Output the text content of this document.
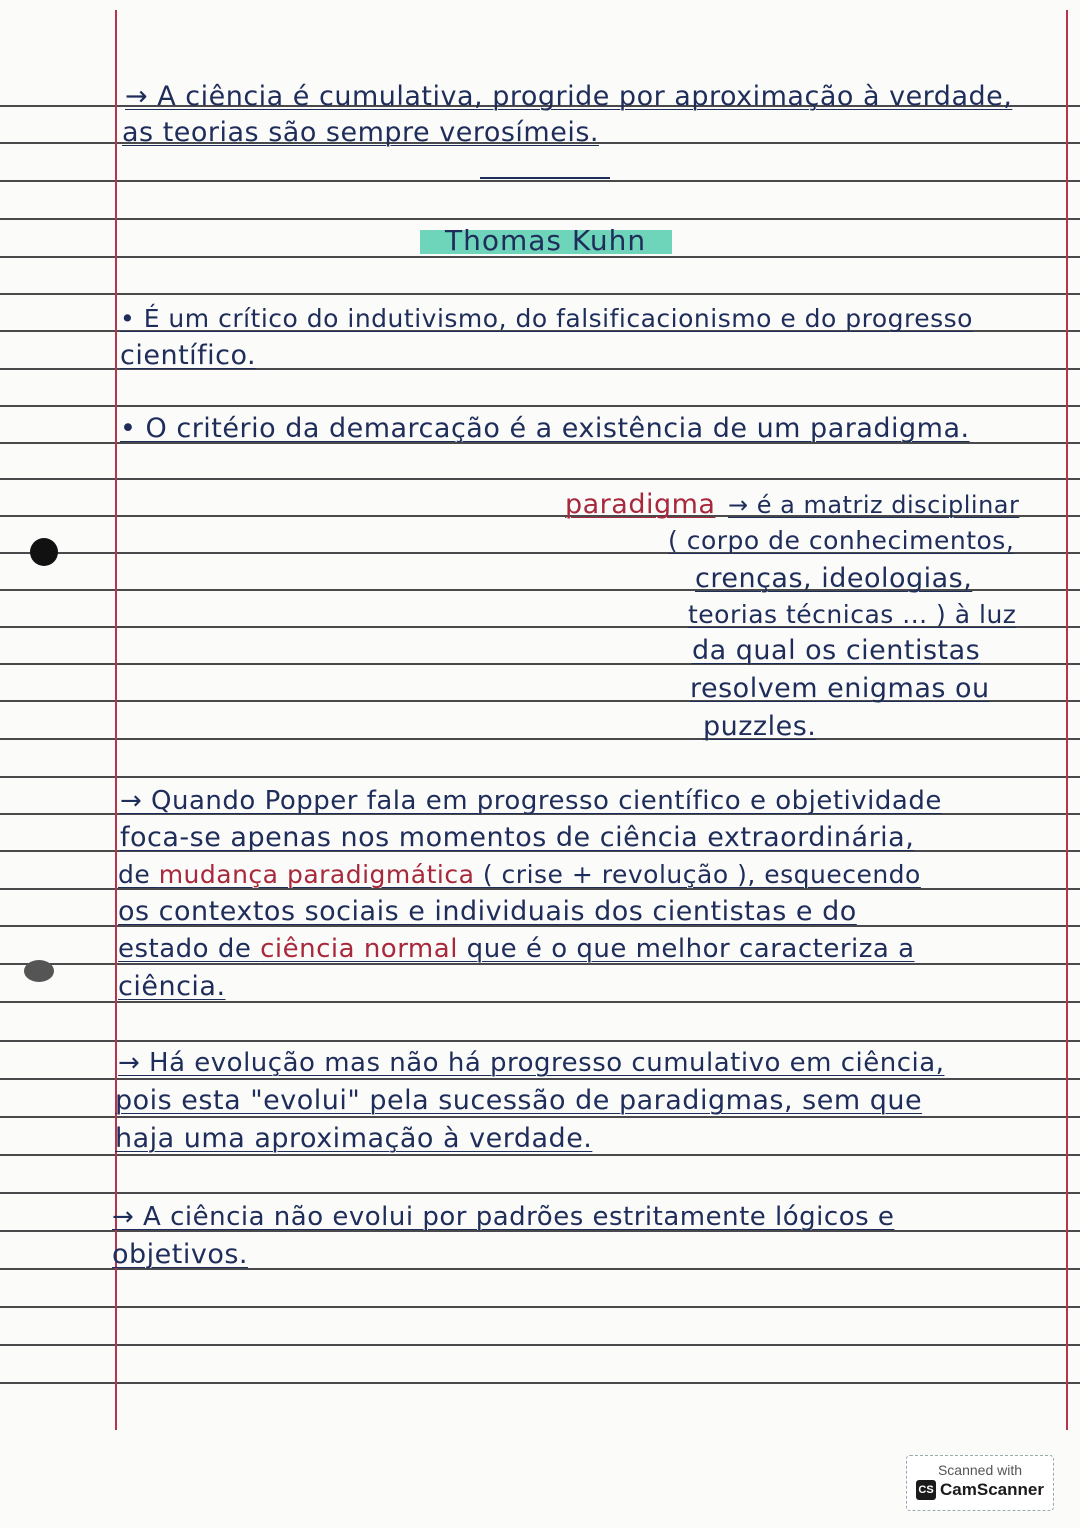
→ A ciência é cumulativa, progride por aproximação à verdade,
as teorias são sempre verosímeis.
Thomas Kuhn
• É um crítico do indutivismo, do falsificacionismo e do progresso
científico.
• O critério da demarcação é a existência de um paradigma.
paradigma → é a matriz disciplinar
( corpo de conhecimentos,
crenças, ideologias,
teorias técnicas ... ) à luz
da qual os cientistas
resolvem enigmas ou
puzzles.
→ Quando Popper fala em progresso científico e objetividade
foca-se apenas nos momentos de ciência extraordinária,
de mudança paradigmática ( crise + revolução ), esquecendo
os contextos sociais e individuais dos cientistas e do
estado de ciência normal que é o que melhor caracteriza a
ciência.
→ Há evolução mas não há progresso cumulativo em ciência,
pois esta "evolui" pela sucessão de paradigmas, sem que
haja uma aproximação à verdade.
→ A ciência não evolui por padrões estritamente lógicos e
objetivos.
Scanned with
CS CamScanner
